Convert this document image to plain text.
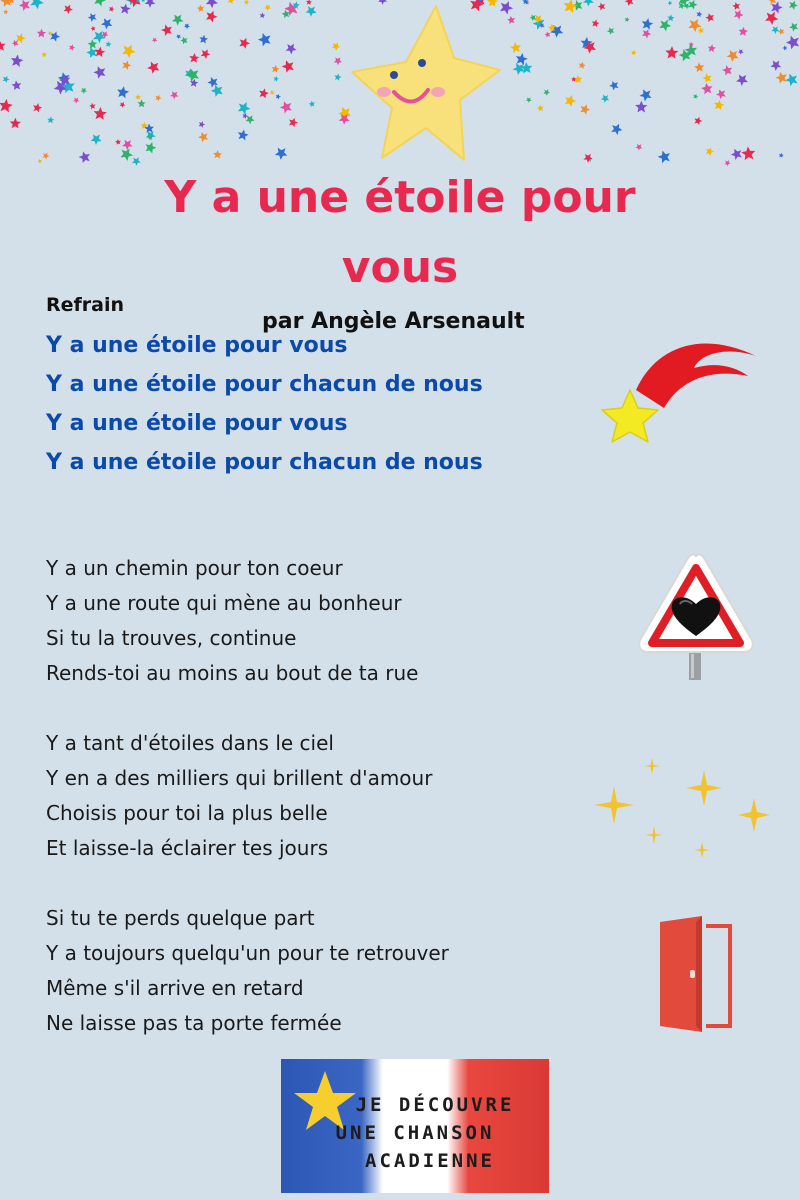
Y a une étoile pour vous

par Angèle Arsenault

Refrain

Y a une étoile pour vous
Y a une étoile pour chacun de nous
Y a une étoile pour vous
Y a une étoile pour chacun de nous
Y a un chemin pour ton coeur
Y a une route qui mène au bonheur
Si tu la trouves, continue
Rends-toi au moins au bout de ta rue
Y a tant d'étoiles dans le ciel
Y en a des milliers qui brillent d'amour
Choisis pour toi la plus belle
Et laisse-la éclairer tes jours
Si tu te perds quelque part
Y a toujours quelqu'un pour te retrouver
Même s'il arrive en retard
Ne laisse pas ta porte fermée
JE DÉCOUVRE
UNE CHANSON
ACADIENNE
